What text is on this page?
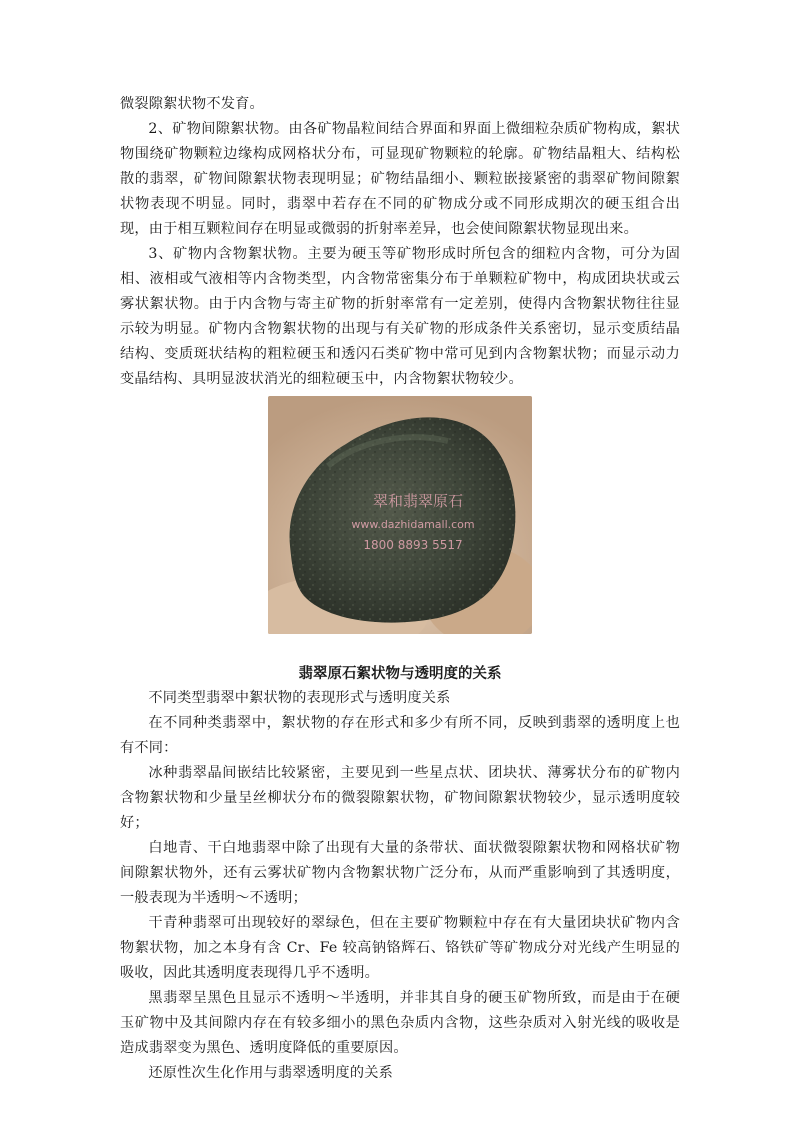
微裂隙絮状物不发育。

2、矿物间隙絮状物。由各矿物晶粒间结合界面和界面上微细粒杂质矿物构成，絮状物围绕矿物颗粒边缘构成网格状分布，可显现矿物颗粒的轮廓。矿物结晶粗大、结构松散的翡翠，矿物间隙絮状物表现明显；矿物结晶细小、颗粒嵌接紧密的翡翠矿物间隙絮状物表现不明显。同时，翡翠中若存在不同的矿物成分或不同形成期次的硬玉组合出现，由于相互颗粒间存在明显或微弱的折射率差异，也会使间隙絮状物显现出来。

3、矿物内含物絮状物。主要为硬玉等矿物形成时所包含的细粒内含物，可分为固相、液相或气液相等内含物类型，内含物常密集分布于单颗粒矿物中，构成团块状或云雾状絮状物。由于内含物与寄主矿物的折射率常有一定差别，使得内含物絮状物往往显示较为明显。矿物内含物絮状物的出现与有关矿物的形成条件关系密切，显示变质结晶结构、变质斑状结构的粗粒硬玉和透闪石类矿物中常可见到内含物絮状物；而显示动力变晶结构、具明显波状消光的细粒硬玉中，内含物絮状物较少。

翠和翡翠原石
www.dazhidamall.com
1800 8893 5517
翡翠原石絮状物与透明度的关系

不同类型翡翠中絮状物的表现形式与透明度关系

在不同种类翡翠中，絮状物的存在形式和多少有所不同，反映到翡翠的透明度上也有不同：

冰种翡翠晶间嵌结比较紧密，主要见到一些星点状、团块状、薄雾状分布的矿物内含物絮状物和少量呈丝柳状分布的微裂隙絮状物，矿物间隙絮状物较少，显示透明度较好；

白地青、干白地翡翠中除了出现有大量的条带状、面状微裂隙絮状物和网格状矿物间隙絮状物外，还有云雾状矿物内含物絮状物广泛分布，从而严重影响到了其透明度，一般表现为半透明～不透明；

干青种翡翠可出现较好的翠绿色，但在主要矿物颗粒中存在有大量团块状矿物内含物絮状物，加之本身有含 Cr、Fe 较高钠铬辉石、铬铁矿等矿物成分对光线产生明显的吸收，因此其透明度表现得几乎不透明。

黑翡翠呈黑色且显示不透明～半透明，并非其自身的硬玉矿物所致，而是由于在硬玉矿物中及其间隙内存在有较多细小的黑色杂质内含物，这些杂质对入射光线的吸收是造成翡翠变为黑色、透明度降低的重要原因。

还原性次生化作用与翡翠透明度的关系
